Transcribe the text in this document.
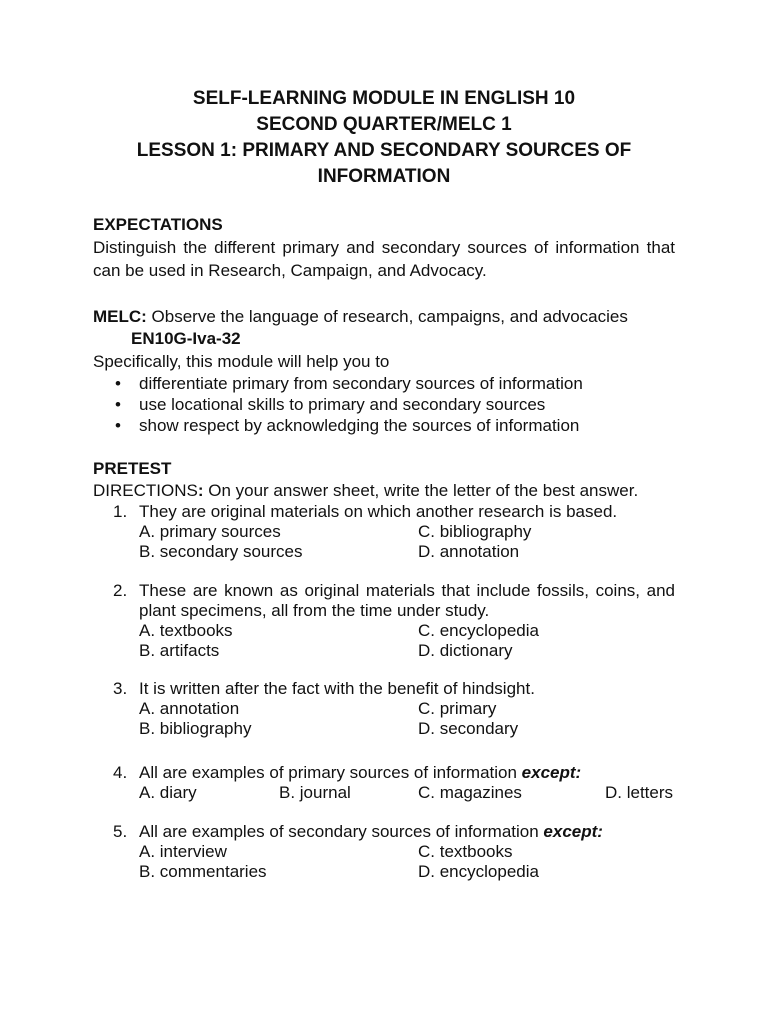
SELF-LEARNING MODULE IN ENGLISH 10
SECOND QUARTER/MELC 1
LESSON 1: PRIMARY AND SECONDARY SOURCES OF
INFORMATION
EXPECTATIONS
Distinguish the different primary and secondary sources of information that can be used in Research, Campaign, and Advocacy.
MELC: Observe the language of research, campaigns, and advocacies
EN10G-Iva-32
Specifically, this module will help you to
• differentiate primary from secondary sources of information
• use locational skills to primary and secondary sources
• show respect by acknowledging the sources of information
PRETEST
DIRECTIONS: On your answer sheet, write the letter of the best answer.
1. They are original materials on which another research is based.
A. primary sources	C. bibliography
B. secondary sources	D. annotation
2. These are known as original materials that include fossils, coins, and plant specimens, all from the time under study.
A. textbooks	C. encyclopedia
B. artifacts	D. dictionary
3. It is written after the fact with the benefit of hindsight.
A. annotation	C. primary
B. bibliography	D. secondary
4. All are examples of primary sources of information except:
A. diary	B. journal	C. magazines	D. letters
5. All are examples of secondary sources of information except:
A. interview	C. textbooks
B. commentaries	D. encyclopedia
